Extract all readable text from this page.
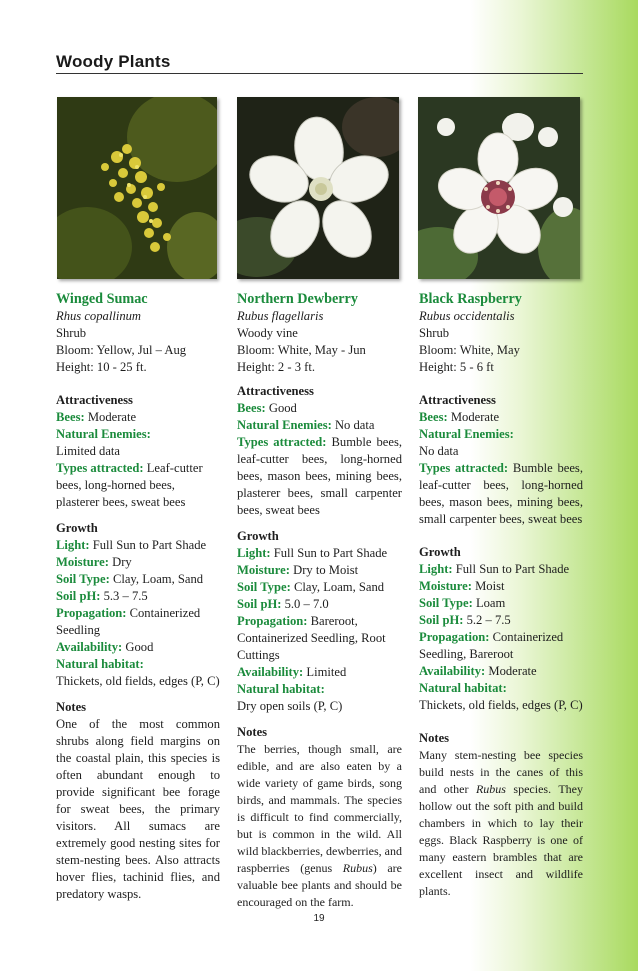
Woody Plants

Winged Sumac

Rhus copallinum

Shrub

Bloom: Yellow, Jul – Aug

Height: 10 - 25 ft.

Attractiveness

Bees: Moderate

Natural Enemies:

Limited data

Types attracted: Leaf-cutter bees, long-horned bees, plasterer bees, sweat bees

Growth

Light: Full Sun to Part Shade

Moisture: Dry

Soil Type: Clay, Loam, Sand

Soil pH: 5.3 – 7.5

Propagation: Containerized Seedling

Availability: Good

Natural habitat:

Thickets, old fields, edges (P, C)

Notes

One of the most common shrubs along field margins on the coastal plain, this species is often abundant enough to provide significant bee forage for sweat bees, the primary visitors. All sumacs are extremely good nesting sites for stem-nesting bees. Also attracts hover flies, tachinid flies, and predatory wasps.

Northern Dewberry

Rubus flagellaris

Woody vine

Bloom: White, May - Jun

Height: 2 - 3 ft.

Attractiveness

Bees: Good

Natural Enemies: No data

Types attracted: Bumble bees, leaf-cutter bees, long-horned bees, mason bees, mining bees, plasterer bees, small carpenter bees, sweat bees

Growth

Light: Full Sun to Part Shade

Moisture: Dry to Moist

Soil Type: Clay, Loam, Sand

Soil pH: 5.0 – 7.0

Propagation: Bareroot, Containerized Seedling, Root Cuttings

Availability: Limited

Natural habitat:

Dry open soils (P, C)

Notes

The berries, though small, are edible, and are also eaten by a wide variety of game birds, song birds, and mammals. The species is difficult to find commercially, but is common in the wild. All wild blackberries, dewberries, and raspberries (genus Rubus) are valuable bee plants and should be encouraged on the farm.

Black Raspberry

Rubus occidentalis

Shrub

Bloom: White, May

Height: 5 - 6 ft

Attractiveness

Bees: Moderate

Natural Enemies:

No data

Types attracted: Bumble bees, leaf-cutter bees, long-horned bees, mason bees, mining bees, small carpenter bees, sweat bees

Growth

Light: Full Sun to Part Shade

Moisture: Moist

Soil Type: Loam

Soil pH: 5.2 – 7.5

Propagation: Containerized Seedling, Bareroot

Availability: Moderate

Natural habitat:

Thickets, old fields, edges (P, C)

Notes

Many stem-nesting bee species build nests in the canes of this and other Rubus species. They hollow out the soft pith and build chambers in which to lay their eggs. Black Raspberry is one of many eastern brambles that are excellent insect and wildlife plants.

19
